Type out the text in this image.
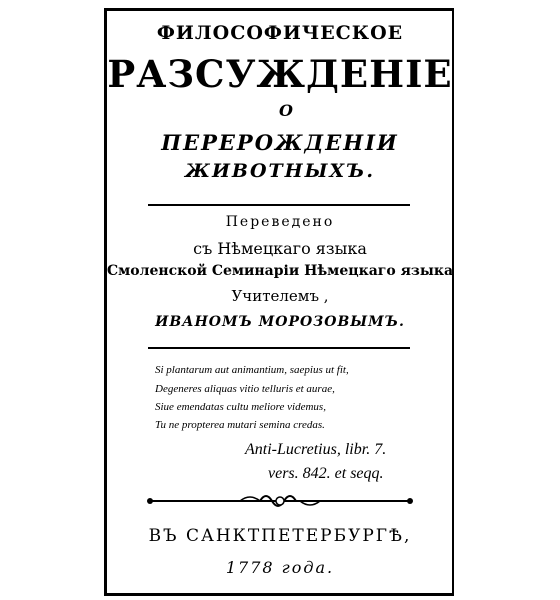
ФИЛОСОФИЧЕСКОЕ
РАЗСУЖДЕНIЕ
О
ПЕРЕРОЖДЕНIИ
ЖИВОТНЫХЪ.
Переведено
съ Нѣмецкаго языка
Смоленской Семинарiи Нѣмецкаго языка
Учителемъ ,
ИВАНОМЪ МОРОЗОВЫМЪ.
Si plantarum aut animantium, saepius ut fit,
Degeneres aliquas vitio telluris et aurae,
Siue emendatas cultu meliore videmus,
Tu ne propterea mutari semina credas.
Anti-Lucretius, libr. 7.
vers. 842. et seqq.
ВЪ САНКТПЕТЕРБУРГѢ,
1778 года.
